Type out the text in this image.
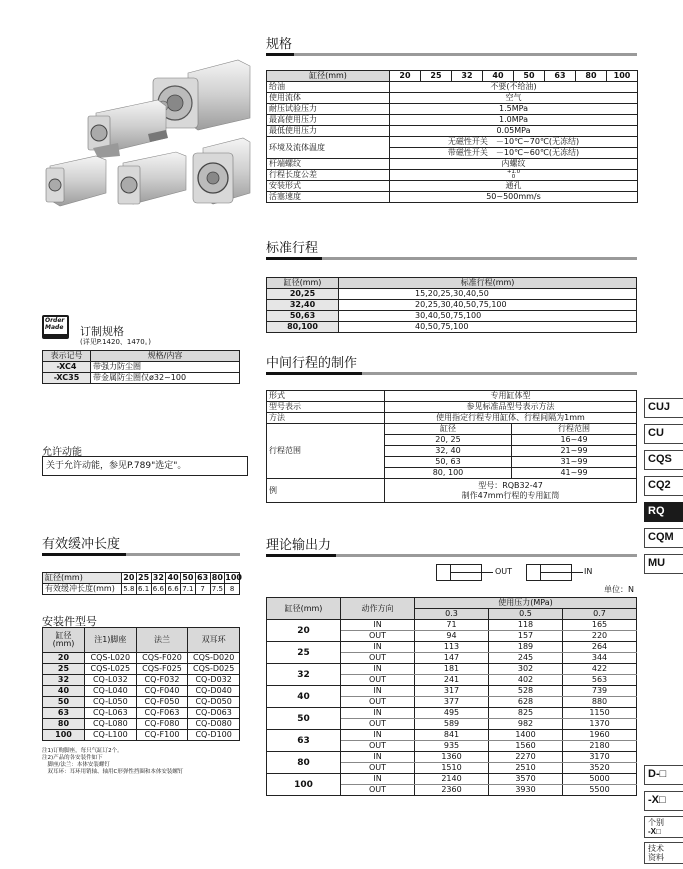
规格
缸径(mm)	20	25	32	40	50	63	80	100
给油	不要(不给油)							
使用流体	空气							
耐压试验压力	1.5MPa							
最高使用压力	1.0MPa							
最低使用压力	0.05MPa							
环境及流体温度	无磁性开关　－10℃~70℃(无冻结)							
	带磁性开关　－10℃~60℃(无冻结)							
杆端螺纹	内螺纹							
行程长度公差	+1.0
0							

安装形式	通孔							
活塞速度	50~500mm/s							
标准行程
缸径(mm)	标准行程(mm)
20,25	15,20,25,30,40,50
32,40	20,25,30,40,50,75,100
50,63	30,40,50,75,100
80,100	40,50,75,100
中间行程的制作
形式	专用缸体型	
型号表示	参见标准品型号表示方法	
方法	使用指定行程专用缸体、行程间隔为1mm	
行程范围	缸径	行程范围
	20, 25	16~49
	32, 40	21~99
	50, 63	31~99
	80, 100	41~99
例	型号：RQB32-47
制作47mm行程的专用缸筒	
理论输出力
OUT	IN
单位：N
缸径(mm)	动作方向	使用压力(MPa)		
		0.3	0.5	0.7
20	IN	71	118	165
	OUT	94	157	220
25	IN	113	189	264
	OUT	147	245	344
32	IN	181	302	422
	OUT	241	402	563
40	IN	317	528	739
	OUT	377	628	880
50	IN	495	825	1150
	OUT	589	982	1370
63	IN	841	1400	1960
	OUT	935	1560	2180
80	IN	1360	2270	3170
	OUT	1510	2510	3520
100	IN	2140	3570	5000
	OUT	2360	3930	5500
Order
Made	订制规格
(详见P.1420、1470。)
表示记号	规格/内容
-XC4	带强力防尘圈
-XC35	带金属防尘圈仅ø32~100
允许动能
关于允许动能，参见P.789"选定"。
有效缓冲长度
缸径(mm)	20	25	32	40	50	63	80	100
有效缓冲长度(mm)	5.8	6.1	6.6	6.6	7.1	7	7.5	8
安装件型号
缸径
(mm)	注1)脚座	法兰	双耳环
20	CQS-L020	CQS-F020	CQS-D020
25	CQS-L025	CQS-F025	CQS-D025
32	CQ-L032	CQ-F032	CQ-D032
40	CQ-L040	CQ-F040	CQ-D040
50	CQ-L050	CQ-F050	CQ-D050
63	CQ-L063	CQ-F063	CQ-D063
80	CQ-L080	CQ-F080	CQ-D080
100	CQ-L100	CQ-F100	CQ-D100
注1)订购脚座，每只气缸订2个。
注2)产品的各安装件如下
　脚座/法兰：本体安装螺钉
　双耳环：耳环用销轴、轴用C形弹性挡圈和本体安装螺钉
CUJ
CU
CQS
CQ2
RQ
CQM
MU
D-□
-X□
个别
-X□
技术
资料
